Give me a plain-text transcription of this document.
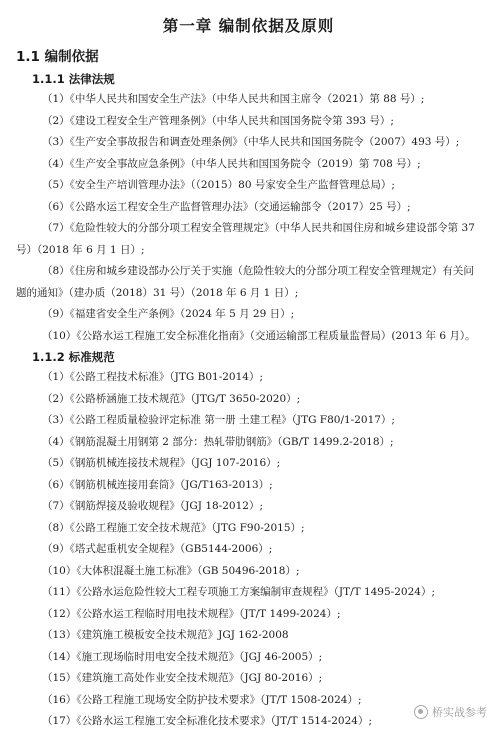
第一章 编制依据及原则
1.1 编制依据
1.1.1 法律法规

（1）《中华人民共和国安全生产法》（中华人民共和国主席令（2021）第 88 号）;

（2）《建设工程安全生产管理条例》（中华人民共和国国务院令第 393 号）;

（3）《生产安全事故报告和调查处理条例》（中华人民共和国国务院令（2007）493 号）;

（4）《生产安全事故应急条例》（中华人民共和国国务院令（2019）第 708 号）;

（5）《安全生产培训管理办法》（（2015）80 号家安全生产监督管理总局）;

（6）《公路水运工程安全生产监督管理办法》（交通运输部令（2017）25 号）;

（7）《危险性较大的分部分项工程安全管理规定》（中华人民共和国住房和城乡建设部令第 37 号）（2018 年 6 月 1 日）;

（8）《住房和城乡建设部办公厅关于实施（危险性较大的分部分项工程安全管理规定）有关问题的通知》（建办质（2018）31 号）（2018 年 6 月 1 日）;

（9）《福建省安全生产条例》（2024 年 5 月 29 日）;

（10）《公路水运工程施工安全标准化指南》（交通运输部工程质量监督局）(2013 年 6 月）。

1.1.2 标准规范

（1）《公路工程技术标准》（JTG B01-2014）;

（2）《公路桥涵施工技术规范》（JTG/T 3650-2020）;

（3）《公路工程质量检验评定标准 第一册 土建工程》（JTG F80/1-2017）;

（4）《钢筋混凝土用钢第 2 部分：热轧带肋钢筋》（GB/T 1499.2-2018）;

（5）《钢筋机械连接技术规程》（JGJ 107-2016）;

（6）《钢筋机械连接用套筒》（JG/T163-2013）;

（7）《钢筋焊接及验收规程》（JGJ 18-2012）;

（8）《公路工程施工安全技术规范》（JTG F90-2015）;

（9）《塔式起重机安全规程》（GB5144-2006）;

（10）《大体积混凝土施工标准》（GB 50496-2018）;

（11）《公路水运危险性较大工程专项施工方案编制审查规程》（JT/T 1495-2024）;

（12）《公路水运工程临时用电技术规程》（JT/T 1499-2024）;

（13）《建筑施工模板安全技术规范》JGJ 162-2008

（14）《施工现场临时用电安全技术规范》（JGJ 46-2005）;

（15）《建筑施工高处作业安全技术规范》（JGJ 80-2016）;

（16）《公路工程施工现场安全防护技术要求》（JT/T 1508-2024）;

（17）《公路水运工程施工安全标准化技术要求》（JT/T 1514-2024）;

桥实战参考
